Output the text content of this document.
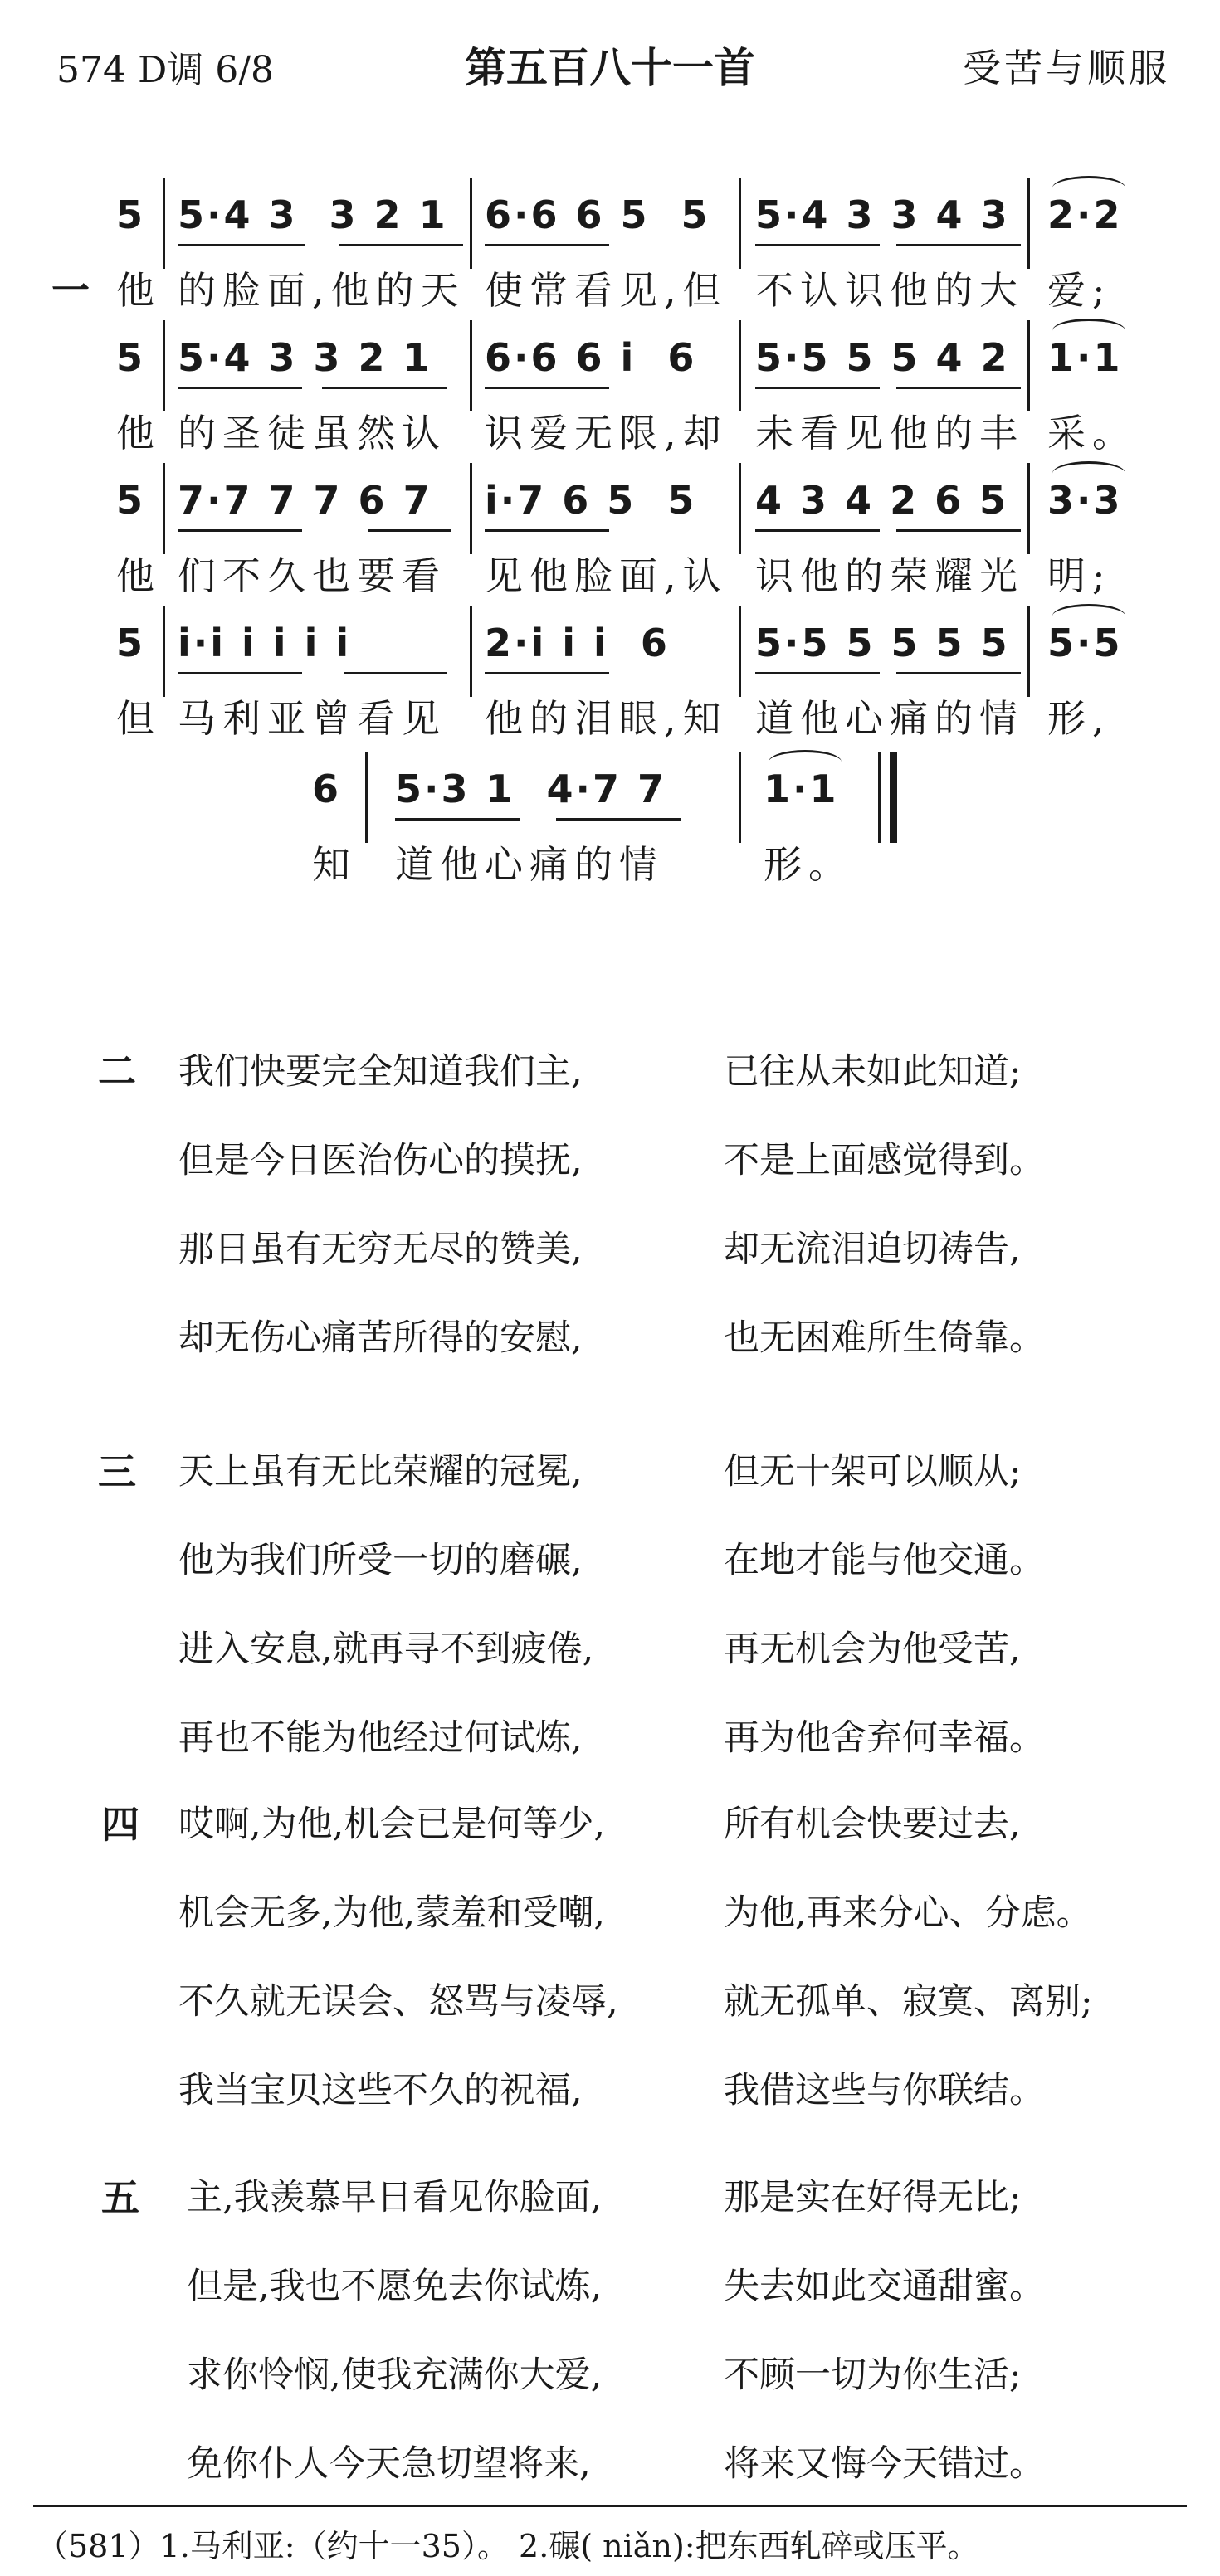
574 D调 6/8	第五百八十一首	受苦与顺服
一
5
他
5·4 3  3 2 1
的脸面,他的天
6·6 6 5  5
使常看见,但
5·4 3 3 4 3
不认识他的大
2·2
爱;
5
他
5·4 3 3 2 1
的圣徒虽然认
6·6 6 i  6
识爱无限,却
5·5 5 5 4 2
未看见他的丰
1·1
采。
5
他
7·7 7 7 6 7
们不久也要看
i·7 6 5  5
见他脸面,认
4 3 4 2 6 5
识他的荣耀光
3·3
明;
5
但
i·i i i i i
马利亚曾看见
2·i i i  6
他的泪眼,知
5·5 5 5 5 5
道他心痛的情
5·5
形,
6
知
5·3 1  4·7 7
道他心痛的情
1·1
形。
二 我们快要完全知道我们主,	已往从未如此知道;
但是今日医治伤心的摸抚,	不是上面感觉得到。
那日虽有无穷无尽的赞美,	却无流泪迫切祷告,
却无伤心痛苦所得的安慰,	也无困难所生倚靠。
三 天上虽有无比荣耀的冠冕,	但无十架可以顺从;
他为我们所受一切的磨碾,	在地才能与他交通。
进入安息,就再寻不到疲倦,	再无机会为他受苦,
再也不能为他经过何试炼,	再为他舍弃何幸福。
四 哎啊,为他,机会已是何等少,	所有机会快要过去,
机会无多,为他,蒙羞和受嘲,	为他,再来分心、分虑。
不久就无误会、怒骂与凌辱,	就无孤单、寂寞、离别;
我当宝贝这些不久的祝福,	我借这些与你联结。
五 主,我羡慕早日看见你脸面,	那是实在好得无比;
但是,我也不愿免去你试炼,	失去如此交通甜蜜。
求你怜悯,使我充满你大爱,	不顾一切为你生活;
免你仆人今天急切望将来,	将来又悔今天错过。
（581）1.马利亚:（约十一35）。 2.碾( niǎn):把东西轧碎或压平。
